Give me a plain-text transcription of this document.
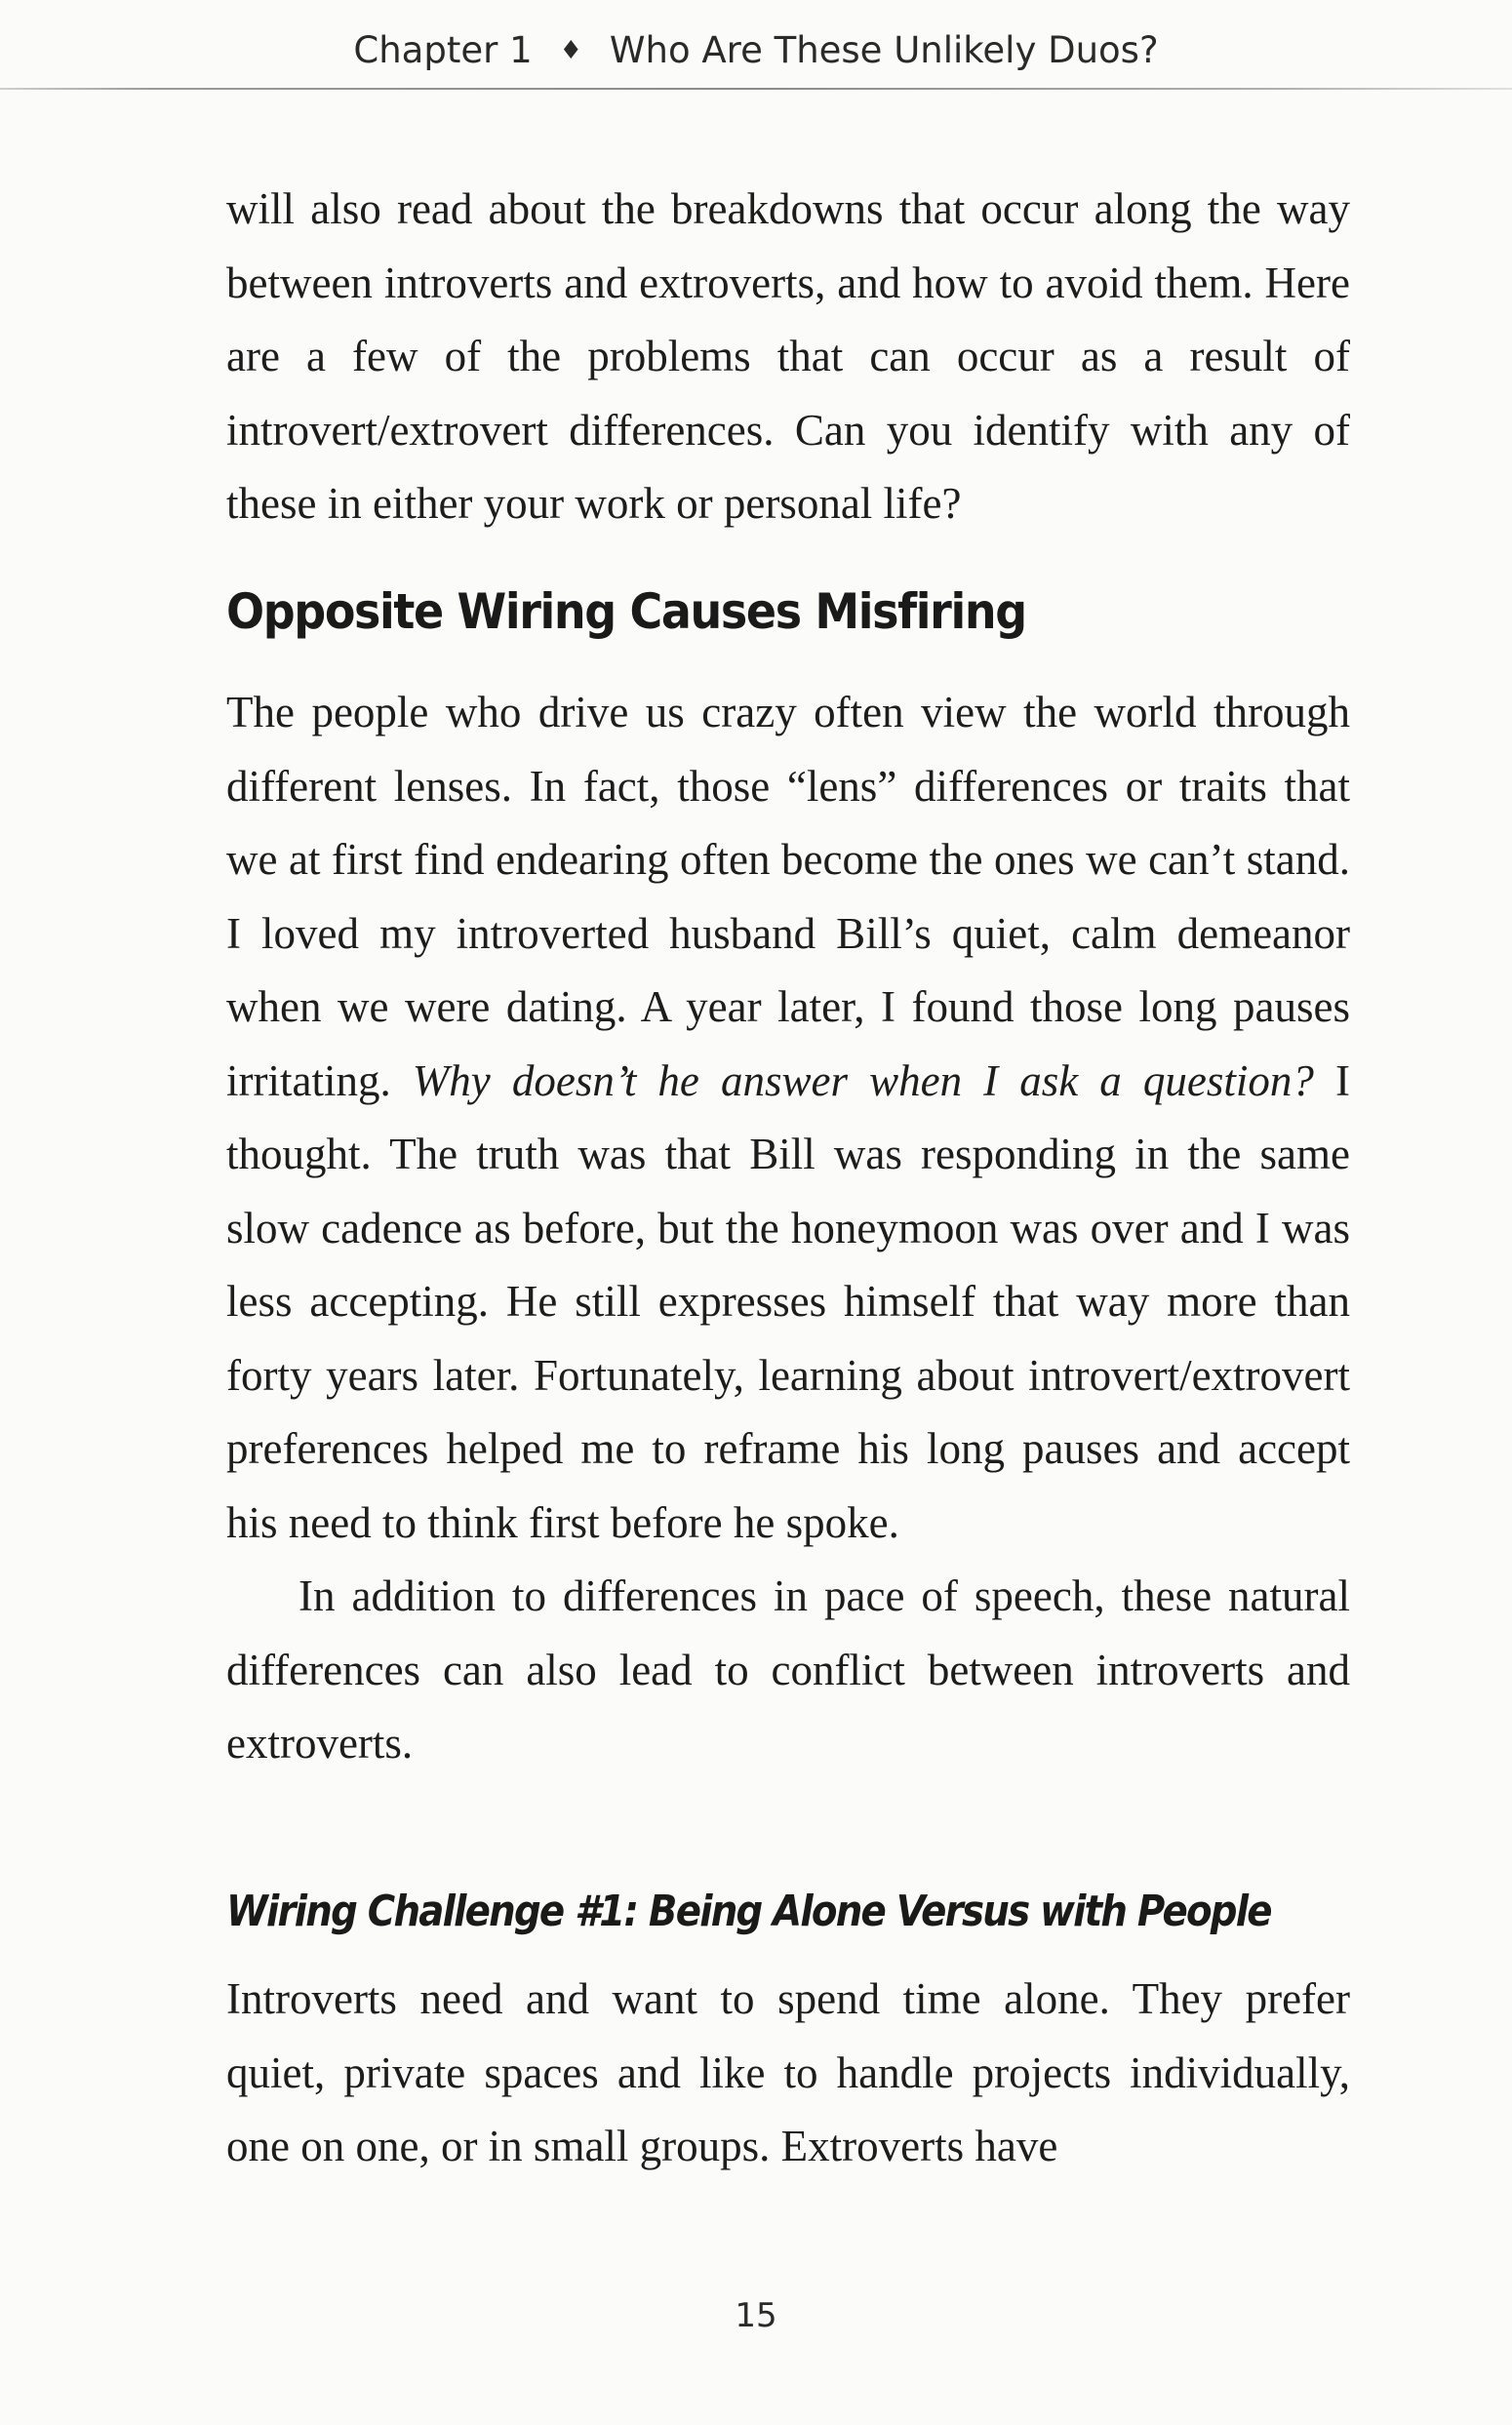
Chapter 1 ♦ Who Are These Unlikely Duos?

will also read about the breakdowns that occur along the way between introverts and extroverts, and how to avoid them. Here are a few of the problems that can occur as a result of introvert/extrovert differences. Can you identify with any of these in either your work or personal life?

Opposite Wiring Causes Misfiring

The people who drive us crazy often view the world through different lenses. In fact, those “lens” differences or traits that we at first find endearing often become the ones we can’t stand. I loved my introverted husband Bill’s quiet, calm demeanor when we were dating. A year later, I found those long pauses irritating. Why doesn’t he answer when I ask a question? I thought. The truth was that Bill was responding in the same slow cadence as before, but the honeymoon was over and I was less accepting. He still expresses himself that way more than forty years later. Fortunately, learning about introvert/extrovert preferences helped me to reframe his long pauses and accept his need to think first before he spoke.

In addition to differences in pace of speech, these natural differences can also lead to conflict between introverts and extroverts.

Wiring Challenge #1: Being Alone Versus with People

Introverts need and want to spend time alone. They prefer quiet, private spaces and like to handle projects individually, one on one, or in small groups. Extroverts have

15
